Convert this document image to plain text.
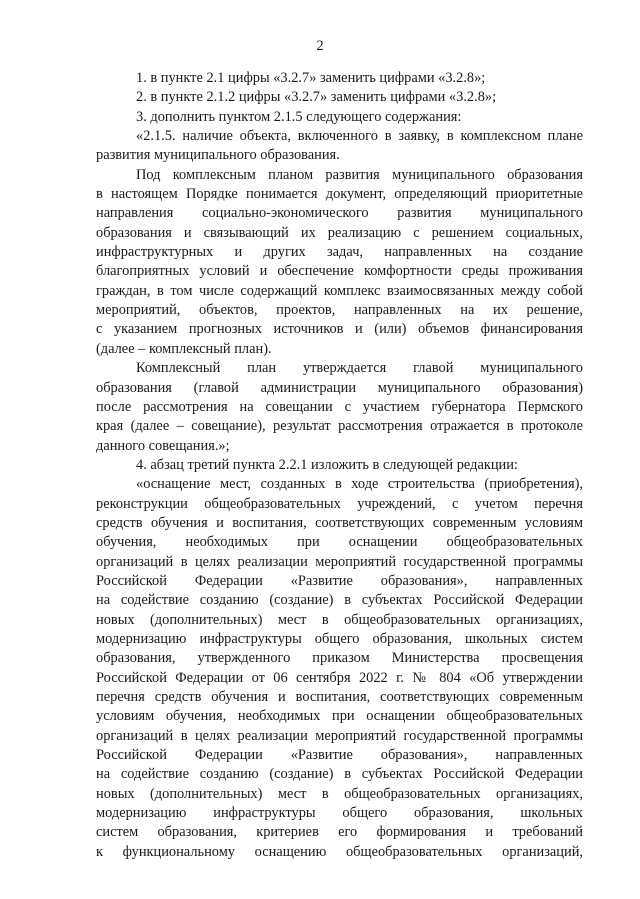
2
1. в пункте 2.1 цифры «3.2.7» заменить цифрами «3.2.8»;
2. в пункте 2.1.2 цифры «3.2.7» заменить цифрами «3.2.8»;
3. дополнить пунктом 2.1.5 следующего содержания:
«2.1.5. наличие объекта, включенного в заявку, в комплексном плане
развития муниципального образования.
Под комплексным планом развития муниципального образования
в настоящем Порядке понимается документ, определяющий приоритетные
направления социально-экономического развития муниципального
образования и связывающий их реализацию с решением социальных,
инфраструктурных и других задач, направленных на создание
благоприятных условий и обеспечение комфортности среды проживания
граждан, в том числе содержащий комплекс взаимосвязанных между собой
мероприятий, объектов, проектов, направленных на их решение,
с указанием прогнозных источников и (или) объемов финансирования
(далее – комплексный план).
Комплексный план утверждается главой муниципального
образования (главой администрации муниципального образования)
после рассмотрения на совещании с участием губернатора Пермского
края (далее – совещание), результат рассмотрения отражается в протоколе
данного совещания.»;
4. абзац третий пункта 2.2.1 изложить в следующей редакции:
«оснащение мест, созданных в ходе строительства (приобретения),
реконструкции общеобразовательных учреждений, с учетом перечня
средств обучения и воспитания, соответствующих современным условиям
обучения, необходимых при оснащении общеобразовательных
организаций в целях реализации мероприятий государственной программы
Российской Федерации «Развитие образования», направленных
на содействие созданию (создание) в субъектах Российской Федерации
новых (дополнительных) мест в общеобразовательных организациях,
модернизацию инфраструктуры общего образования, школьных систем
образования, утвержденного приказом Министерства просвещения
Российской Федерации от 06 сентября 2022 г. № 804 «Об утверждении
перечня средств обучения и воспитания, соответствующих современным
условиям обучения, необходимых при оснащении общеобразовательных
организаций в целях реализации мероприятий государственной программы
Российской Федерации «Развитие образования», направленных
на содействие созданию (создание) в субъектах Российской Федерации
новых (дополнительных) мест в общеобразовательных организациях,
модернизацию инфраструктуры общего образования, школьных
систем образования, критериев его формирования и требований
к функциональному оснащению общеобразовательных организаций,
